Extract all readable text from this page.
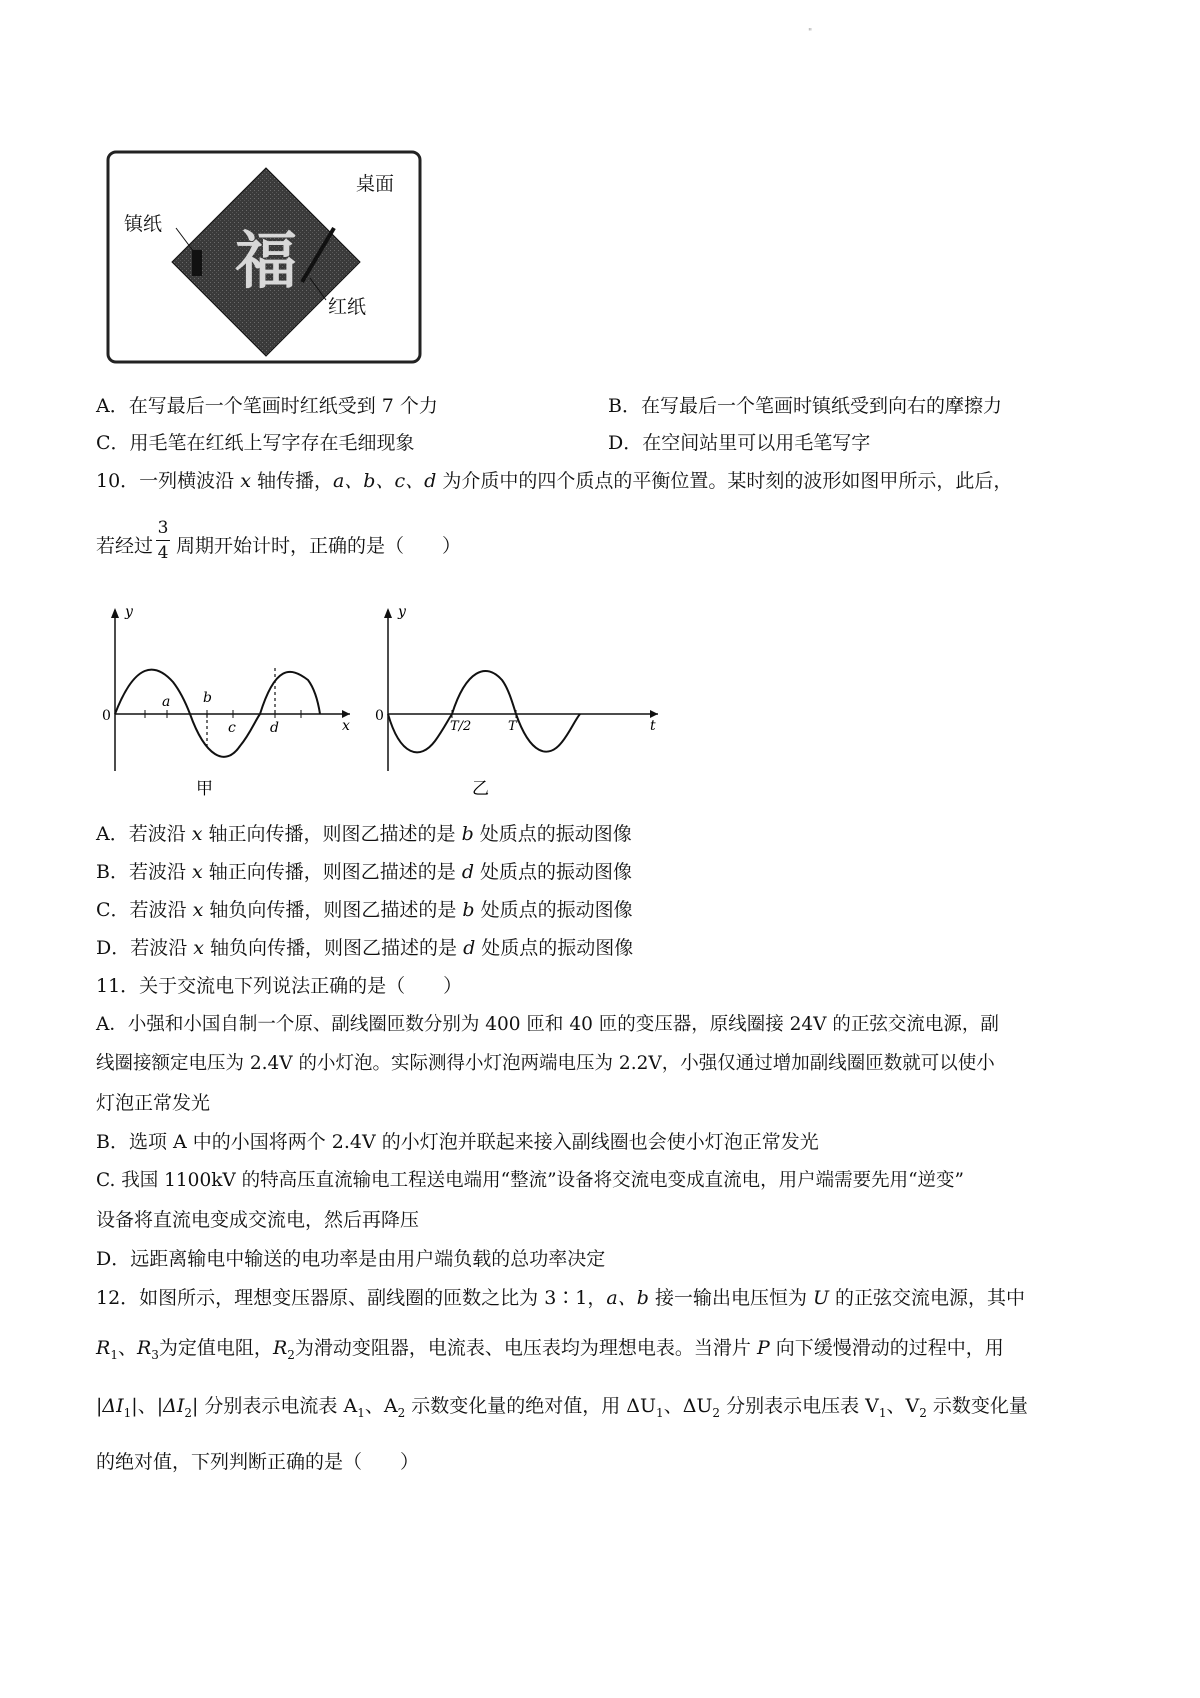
"
福
桌面
镇纸
红纸
A．在写最后一个笔画时红纸受到 7 个力	B．在写最后一个笔画时镇纸受到向右的摩擦力
C．用毛笔在红纸上写字存在毛细现象	D．在空间站里可以用毛笔写字
10．一列横波沿 x 轴传播，a、b、c、d 为介质中的四个质点的平衡位置。某时刻的波形如图甲所示，此后，
若经过
3
4 周期开始计时，正确的是（　　）
y
x
0
a b
c d
甲
y
t
0
T/2	T
乙
A．若波沿 x 轴正向传播，则图乙描述的是 b 处质点的振动图像
B．若波沿 x 轴正向传播，则图乙描述的是 d 处质点的振动图像
C．若波沿 x 轴负向传播，则图乙描述的是 b 处质点的振动图像
D．若波沿 x 轴负向传播，则图乙描述的是 d 处质点的振动图像
11．关于交流电下列说法正确的是（　　）
A．小强和小国自制一个原、副线圈匝数分别为 400 匝和 40 匝的变压器，原线圈接 24V 的正弦交流电源，副
线圈接额定电压为 2.4V 的小灯泡。实际测得小灯泡两端电压为 2.2V，小强仅通过增加副线圈匝数就可以使小
灯泡正常发光
B．选项 A 中的小国将两个 2.4V 的小灯泡并联起来接入副线圈也会使小灯泡正常发光
C. 我国 1100kV 的特高压直流输电工程送电端用“整流”设备将交流电变成直流电，用户端需要先用“逆变”
设备将直流电变成交流电，然后再降压
D．远距离输电中输送的电功率是由用户端负载的总功率决定
12．如图所示，理想变压器原、副线圈的匝数之比为 3∶1，a、b 接一输出电压恒为 U 的正弦交流电源，其中
$R_1$、$R_3$为定值电阻，$R_2$为滑动变阻器，电流表、电压表均为理想电表。当滑片 P 向下缓慢滑动的过程中，用
$|\Delta I_1|$、$|\Delta I_2|$ 分别表示电流表 $A_1$、$A_2$ 示数变化量的绝对值，用 $\Delta U_1$、$\Delta U_2$ 分别表示电压表 $V_1$、$V_2$ 示数变化量
的绝对值，下列判断正确的是（　　）
